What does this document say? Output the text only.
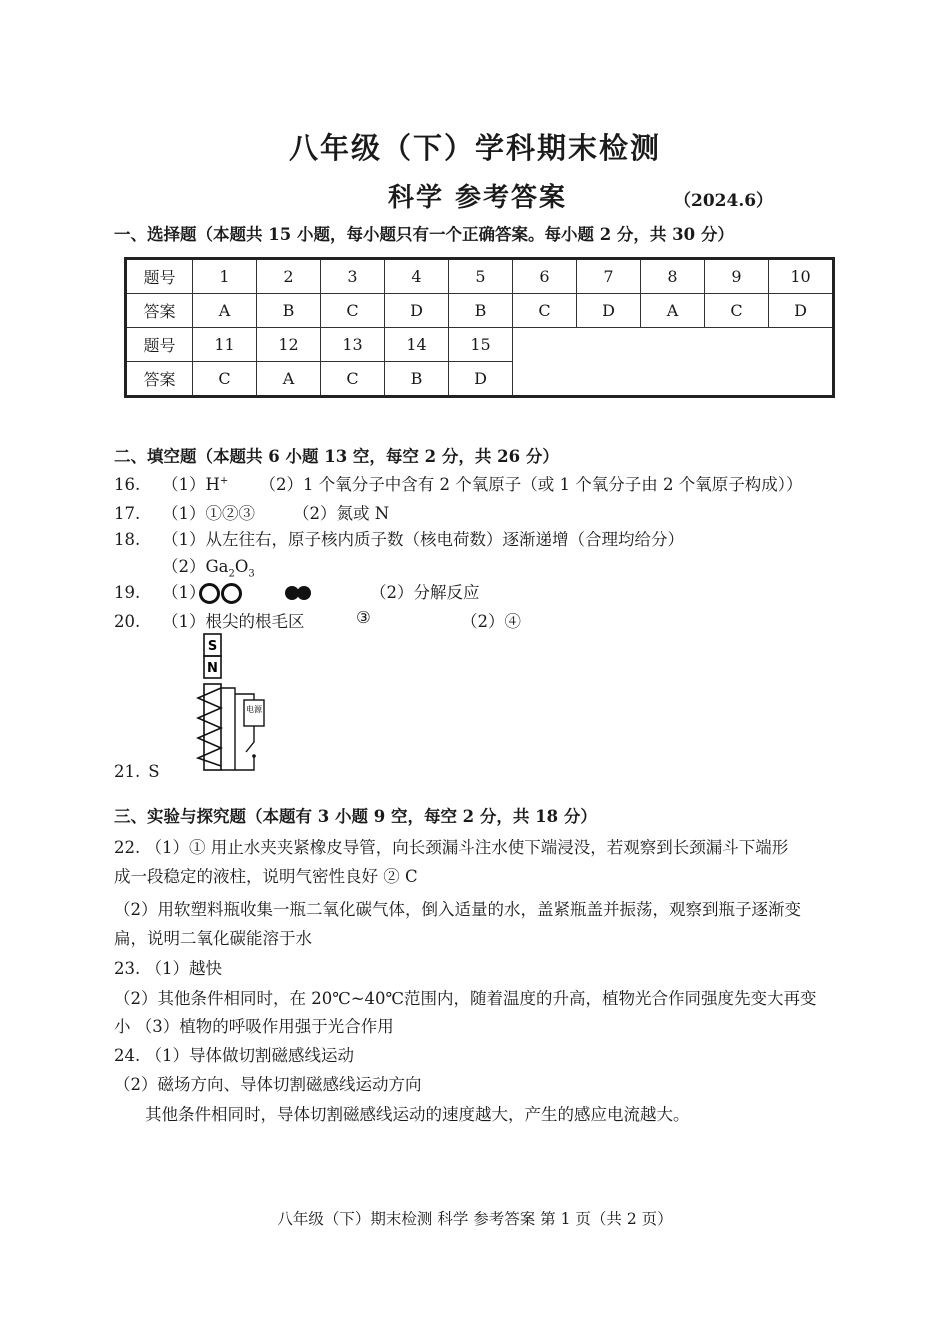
八年级（下）学科期末检测
科学 参考答案	（2024.6）
一、选择题（本题共 15 小题，每小题只有一个正确答案。每小题 2 分，共 30 分）
题号	1	2	3	4	5	6	7	8	9	10
答案	A	B	C	D	B	C	D	A	C	D
题号	11	12	13	14	15					
答案	C	A	C	B	D					
二、填空题（本题共 6 小题 13 空，每空 2 分，共 26 分）
16. （1）H+ （2）1 个氧分子中含有 2 个氧原子（或 1 个氧分子由 2 个氧原子构成））
17. （1）①②③ （2）氮或 N
18. （1）从左往右，原子核内质子数（核电荷数）逐渐递增（合理均给分）
$(2)Ga_2O_3$
19. （1）	（2）分解反应
20. （1）根尖的根毛区	③	（2）④
S
N
电源
21. S
三、实验与探究题（本题有 3 小题 9 空，每空 2 分，共 18 分）
22. （1）① 用止水夹夹紧橡皮导管，向长颈漏斗注水使下端浸没，若观察到长颈漏斗下端形
成一段稳定的液柱，说明气密性良好 ② C
（2）用软塑料瓶收集一瓶二氧化碳气体，倒入适量的水，盖紧瓶盖并振荡，观察到瓶子逐渐变
扁，说明二氧化碳能溶于水
23. （1）越快
（2）其他条件相同时，在 20℃~40℃范围内，随着温度的升高，植物光合作同强度先变大再变
小 （3）植物的呼吸作用强于光合作用
24. （1）导体做切割磁感线运动
（2）磁场方向、导体切割磁感线运动方向
其他条件相同时，导体切割磁感线运动的速度越大，产生的感应电流越大。
八年级（下）期末检测 科学 参考答案 第 1 页（共 2 页）
